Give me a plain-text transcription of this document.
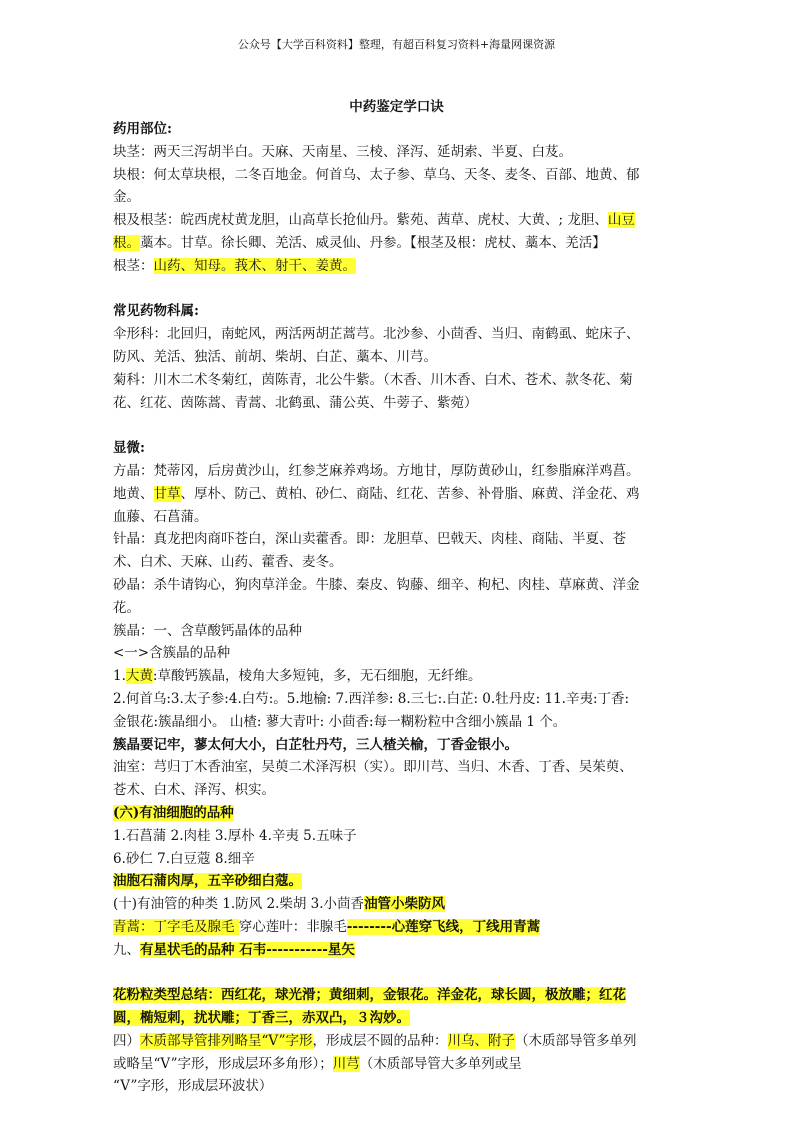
公众号【大学百科资料】整理，有超百科复习资料+海量网课资源
中药鉴定学口诀

药用部位:

块茎：两天三泻胡半白。天麻、天南星、三棱、泽泻、延胡索、半夏、白芨。

块根：何太草块根，二冬百地金。何首乌、太子参、草乌、天冬、麦冬、百部、地黄、郁金。

根及根茎：皖西虎杖黄龙胆，山高草长抢仙丹。紫苑、茜草、虎杖、大黄、; 龙胆、山豆根。藁本。甘草。徐长卿、羌活、威灵仙、丹参。【根茎及根：虎杖、藁本、羌活】

根茎：山药、知母。莪术、射干、姜黄。

常见药物科属:

伞形科：北回归，南蛇风，两活两胡芷蒿芎。北沙参、小茴香、当归、南鹤虱、蛇床子、防风、羌活、独活、前胡、柴胡、白芷、藁本、川芎。

菊科：川木二术冬菊红，茵陈青，北公牛紫。（木香、川木香、白术、苍术、款冬花、菊花、红花、茵陈蒿、青蒿、北鹤虱、蒲公英、牛蒡子、紫菀）

显微:

方晶：梵蒂冈，后房黄沙山，红参芝麻养鸡场。方地甘，厚防黄砂山，红参脂麻洋鸡菖。

地黄、甘草、厚朴、防己、黄柏、砂仁、商陆、红花、苦参、补骨脂、麻黄、洋金花、鸡血藤、石菖蒲。

针晶：真龙把肉商吓苍白，深山卖藿香。即：龙胆草、巴戟天、肉桂、商陆、半夏、苍术、白术、天麻、山药、藿香、麦冬。

砂晶：杀牛请钩心，狗肉草洋金。牛膝、秦皮、钩藤、细辛、枸杞、肉桂、草麻黄、洋金花。

簇晶：一、含草酸钙晶体的品种

<一>含簇晶的品种

1.大黄:草酸钙簇晶，棱角大多短钝，多，无石细胞，无纤维。

2.何首乌:3.太子参:4.白芍:。5.地榆: 7.西洋参: 8.三七:.白芷: 0.牡丹皮: 11.辛夷:丁香: 金银花:簇晶细小。 山楂: 蓼大青叶: 小茴香:每一糊粉粒中含细小簇晶 1 个。

簇晶要记牢，蓼太何大小，白芷牡丹芍，三人楂关榆，丁香金银小。

油室：芎归丁木香油室，吴萸二术泽泻枳（实）。即川芎、当归、木香、丁香、吴茱萸、苍术、白术、泽泻、枳实。

(六)有油细胞的品种

1.石菖蒲 2.肉桂 3.厚朴 4.辛夷 5.五味子

6.砂仁 7.白豆蔻 8.细辛

油胞石蒲肉厚，五辛砂细白蔻。

(十)有油管的种类 1.防风 2.柴胡 3.小茴香油管小柴防风

青蒿：丁字毛及腺毛 穿心莲叶：非腺毛--------心莲穿飞线，丁线用青蒿

九、有星状毛的品种 石韦-----------星矢

花粉粒类型总结：西红花，球光滑；黄细刺，金银花。洋金花，球长圆，极放雕；红花圆，椭短刺，扰状雕；丁香三，赤双凸，３沟妙。

四）木质部导管排列略呈“V”字形，形成层不圆的品种：川乌、附子（木质部导管多单列或略呈“V”字形，形成层环多角形）；川芎（木质部导管大多单列或呈

“V”字形，形成层环波状）
